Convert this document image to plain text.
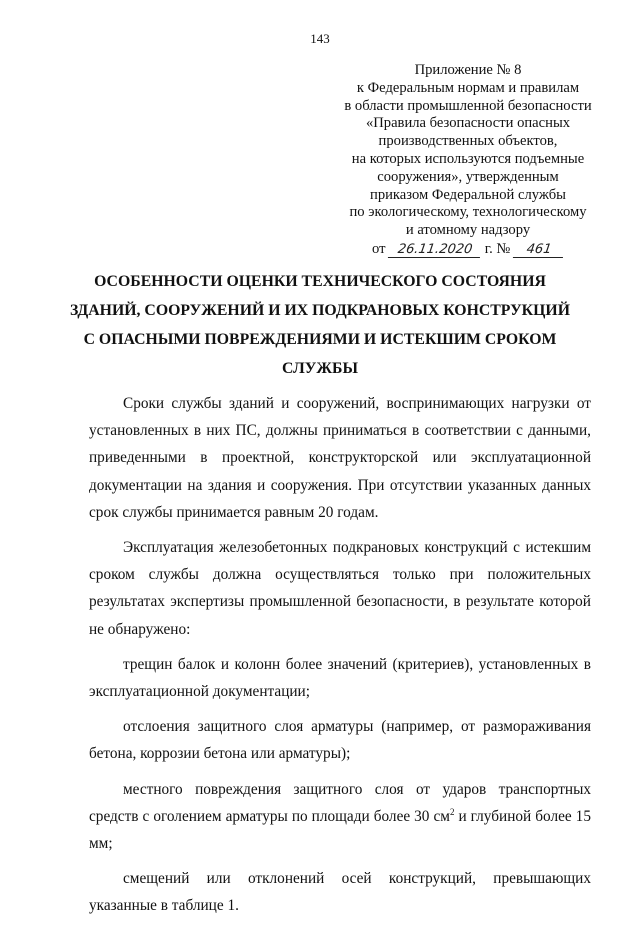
143
Приложение № 8
к Федеральным нормам и правилам
в области промышленной безопасности
«Правила безопасности опасных
производственных объектов,
на которых используются подъемные
сооружения», утвержденным
приказом Федеральной службы
по экологическому, технологическому
и атомному надзору
от 26.11.2020 г. № 461
ОСОБЕННОСТИ ОЦЕНКИ ТЕХНИЧЕСКОГО СОСТОЯНИЯ
ЗДАНИЙ, СООРУЖЕНИЙ И ИХ ПОДКРАНОВЫХ КОНСТРУКЦИЙ
С ОПАСНЫМИ ПОВРЕЖДЕНИЯМИ И ИСТЕКШИМ СРОКОМ
СЛУЖБЫ

Сроки службы зданий и сооружений, воспринимающих нагрузки от установленных в них ПС, должны приниматься в соответствии с данными, приведенными в проектной, конструкторской или эксплуатационной документации на здания и сооружения. При отсутствии указанных данных срок службы принимается равным 20 годам.

Эксплуатация железобетонных подкрановых конструкций с истекшим сроком службы должна осуществляться только при положительных результатах экспертизы промышленной безопасности, в результате которой не обнаружено:

трещин балок и колонн более значений (критериев), установленных в эксплуатационной документации;

отслоения защитного слоя арматуры (например, от размораживания бетона, коррозии бетона или арматуры);

местного повреждения защитного слоя от ударов транспортных средств с оголением арматуры по площади более 30 $см^2$ и глубиной более 15 мм;

смещений или отклонений осей конструкций, превышающих указанные в таблице 1.
